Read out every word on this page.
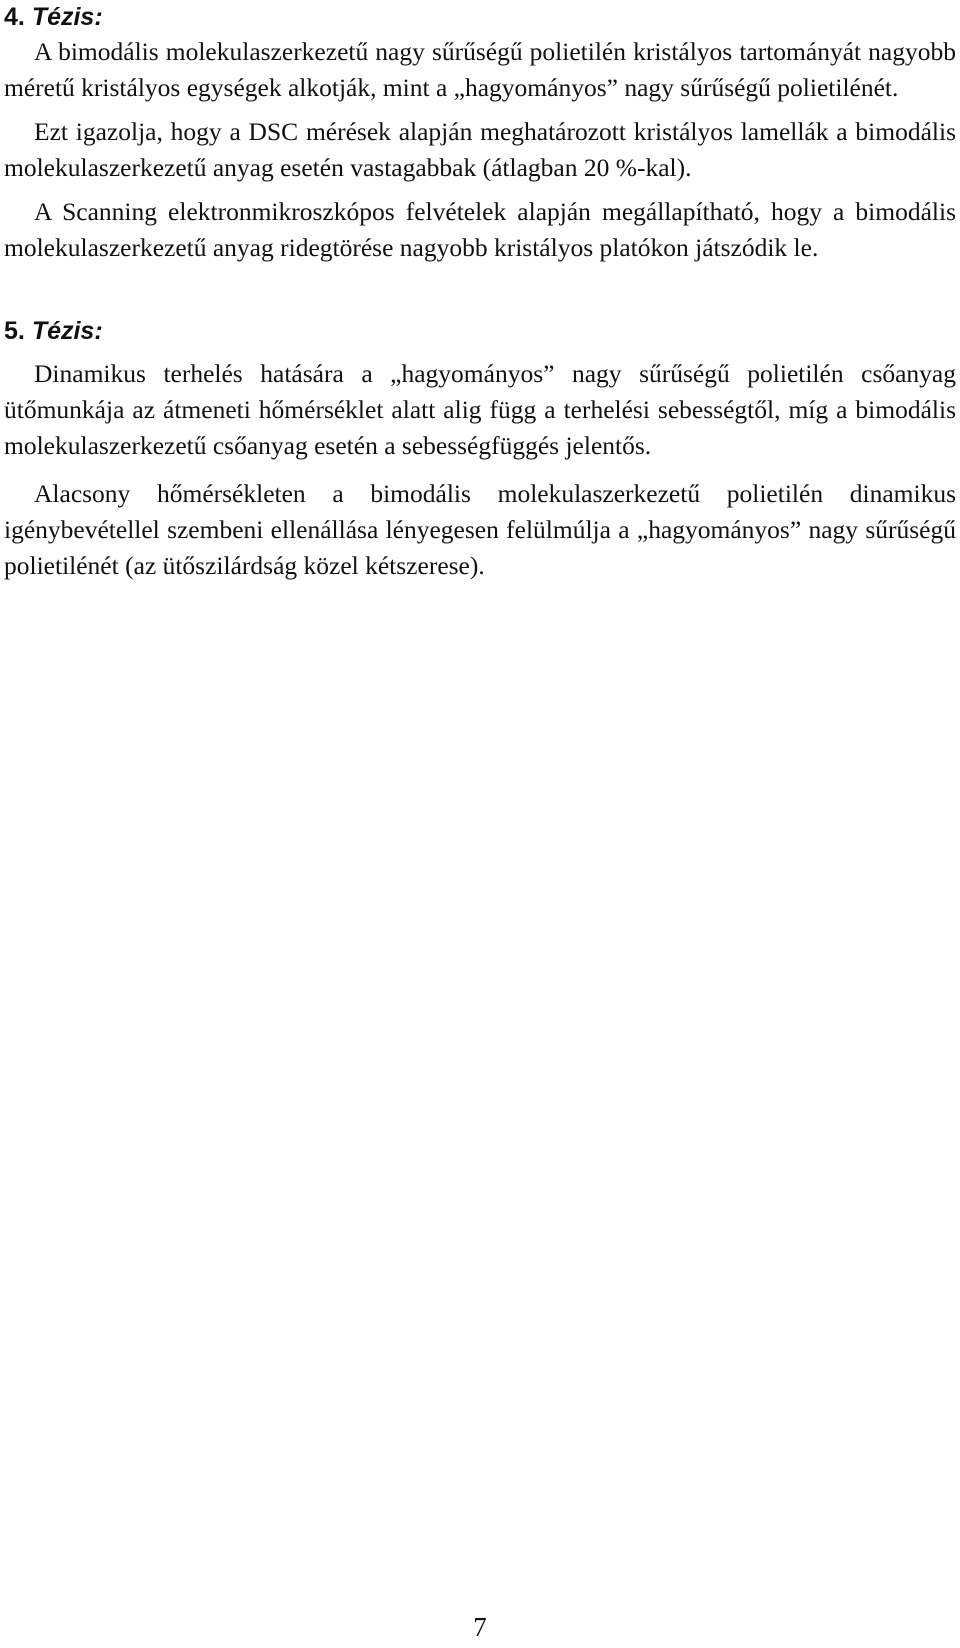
4. Tézis:

A bimodális molekulaszerkezetű nagy sűrűségű polietilén kristályos tartományát nagyobb méretű kristályos egységek alkotják, mint a „hagyományos” nagy sűrűségű polietilénét.

Ezt igazolja, hogy a DSC mérések alapján meghatározott kristályos lamellák a bimodális molekulaszerkezetű anyag esetén vastagabbak (átlagban 20 %-kal).

A Scanning elektronmikroszkópos felvételek alapján megállapítható, hogy a bimodális molekulaszerkezetű anyag ridegtörése nagyobb kristályos platókon játszódik le.

5. Tézis:

Dinamikus terhelés hatására a „hagyományos” nagy sűrűségű polietilén csőanyag ütőmunkája az átmeneti hőmérséklet alatt alig függ a terhelési sebességtől, míg a bimodális molekulaszerkezetű csőanyag esetén a sebességfüggés jelentős.

Alacsony hőmérsékleten a bimodális molekulaszerkezetű polietilén dinamikus igénybevétellel szembeni ellenállása lényegesen felülmúlja a „hagyományos” nagy sűrűségű polietilénét (az ütőszilárdság közel kétszerese).

7
